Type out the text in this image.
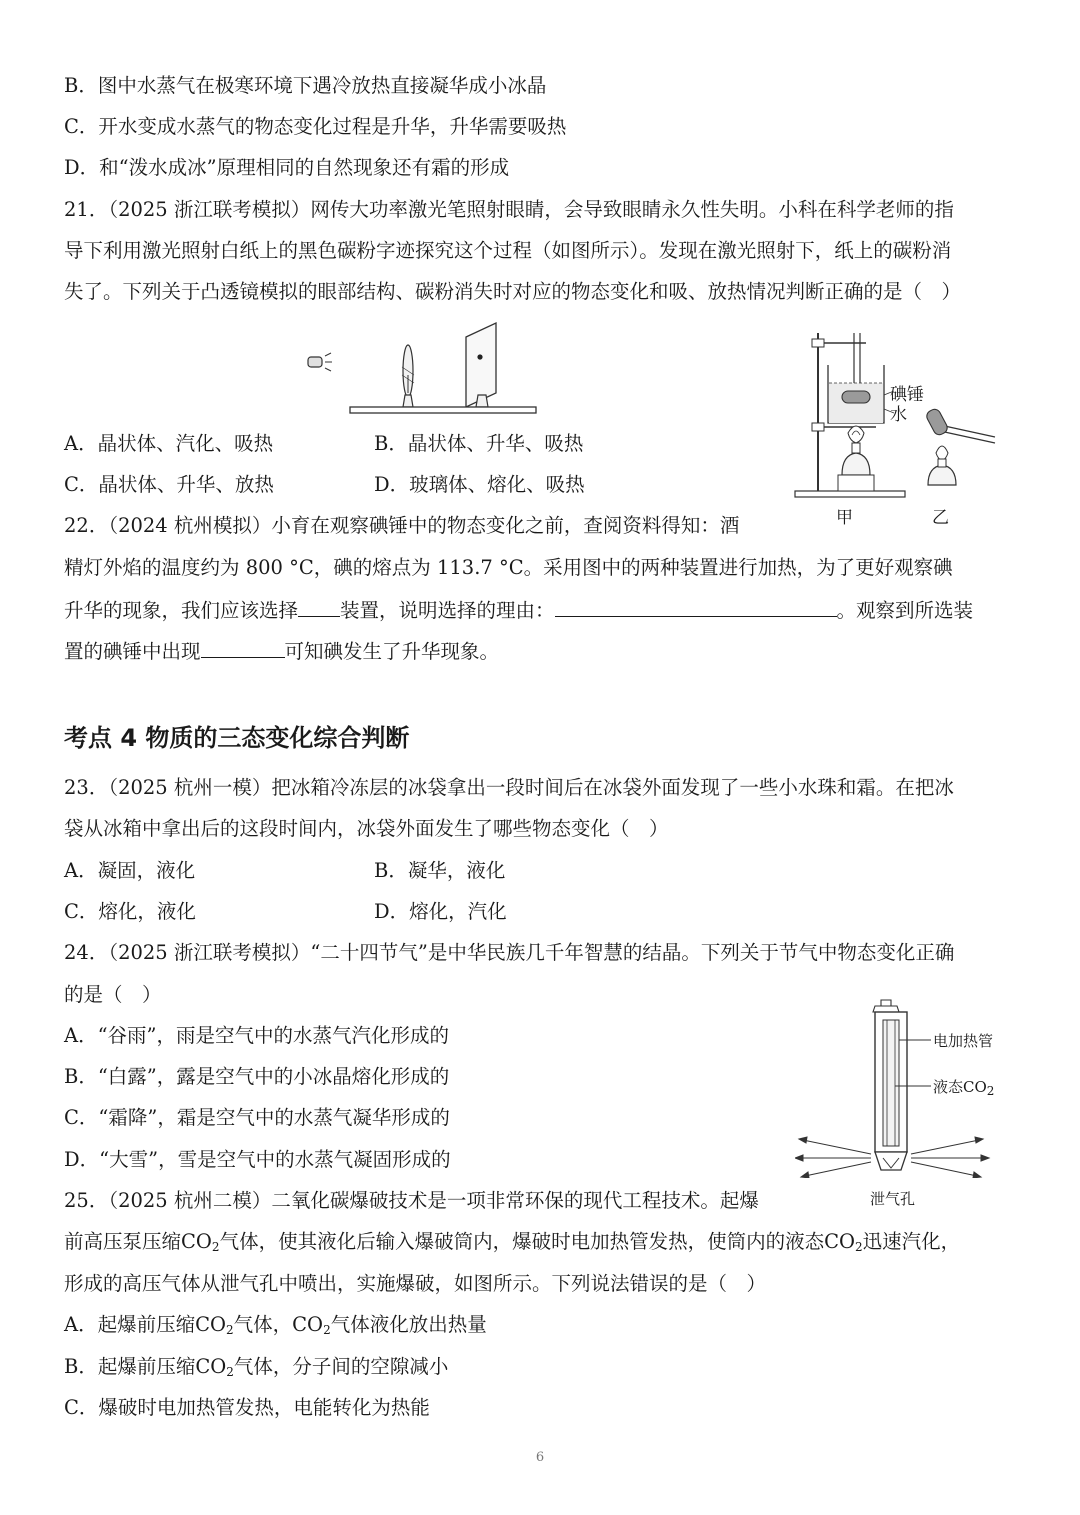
B．图中水蒸气在极寒环境下遇冷放热直接凝华成小冰晶
C．开水变成水蒸气的物态变化过程是升华，升华需要吸热
D．和“泼水成冰”原理相同的自然现象还有霜的形成
21．（2025 浙江联考模拟）网传大功率激光笔照射眼睛，会导致眼睛永久性失明。小科在科学老师的指
导下利用激光照射白纸上的黑色碳粉字迹探究这个过程（如图所示）。发现在激光照射下，纸上的碳粉消
失了。下列关于凸透镜模拟的眼部结构、碳粉消失时对应的物态变化和吸、放热情况判断正确的是（　）
A．晶状体、汽化、吸热	B．晶状体、升华、吸热
C．晶状体、升华、放热	D．玻璃体、熔化、吸热
碘锤
水
甲	乙
22．（2024 杭州模拟）小育在观察碘锤中的物态变化之前，查阅资料得知：酒
精灯外焰的温度约为 800 °C，碘的熔点为 113.7 °C。采用图中的两种装置进行加热，为了更好观察碘
升华的现象，我们应该选择 装置，说明选择的理由：	。观察到所选装
置的碘锤中出现	可知碘发生了升华现象。
考点 4 物质的三态变化综合判断
23．（2025 杭州一模）把冰箱冷冻层的冰袋拿出一段时间后在冰袋外面发现了一些小水珠和霜。在把冰
袋从冰箱中拿出后的这段时间内，冰袋外面发生了哪些物态变化（　）
A．凝固，液化	B．凝华，液化
C．熔化，液化	D．熔化，汽化
24．（2025 浙江联考模拟）“二十四节气”是中华民族几千年智慧的结晶。下列关于节气中物态变化正确
的是（　）
A．“谷雨”，雨是空气中的水蒸气汽化形成的
B．“白露”，露是空气中的小冰晶熔化形成的
C．“霜降”，霜是空气中的水蒸气凝华形成的
D．“大雪”，雪是空气中的水蒸气凝固形成的
电加热管
液态$CO_2$
泄气孔
25．（2025 杭州二模）二氧化碳爆破技术是一项非常环保的现代工程技术。起爆
前高压泵压缩$CO_2$气体，使其液化后输入爆破筒内，爆破时电加热管发热，使筒内的液态$CO_2$迅速汽化，
形成的高压气体从泄气孔中喷出，实施爆破，如图所示。下列说法错误的是（　）
A．起爆前压缩$CO_2$气体，$CO_2$气体液化放出热量
B．起爆前压缩$CO_2$气体，分子间的空隙减小
C．爆破时电加热管发热，电能转化为热能
6
